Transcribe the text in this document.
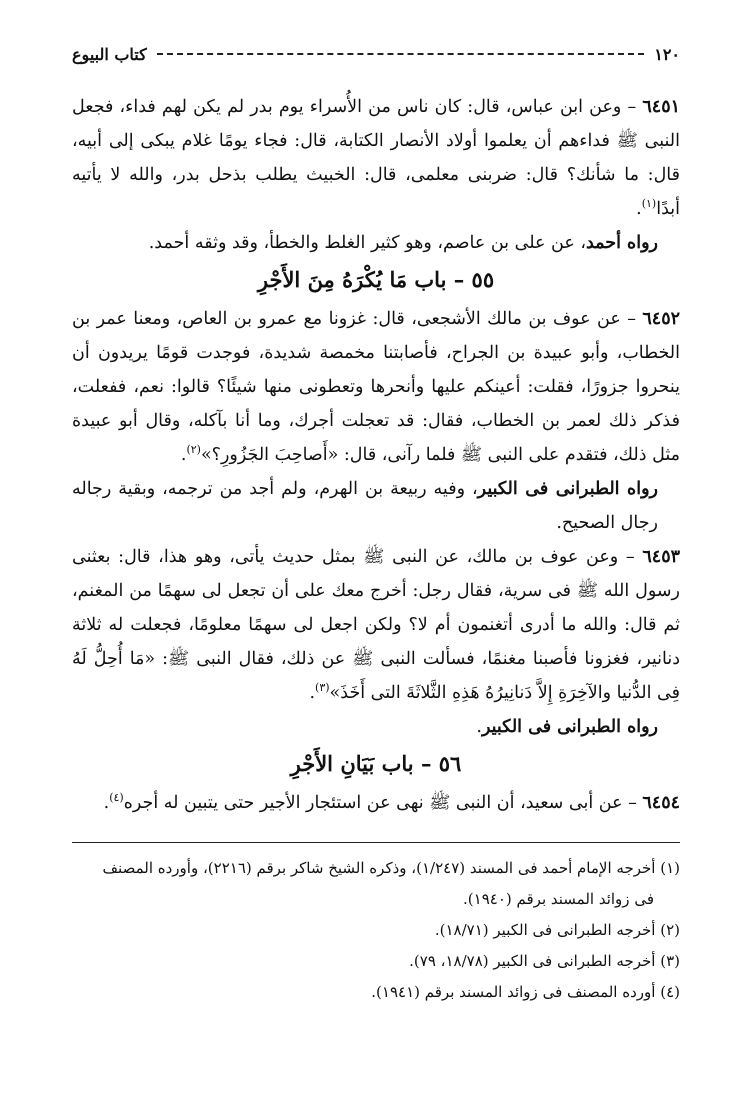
١٢٠
كتاب البيوع

٦٤٥١ – وعن ابن عباس، قال: كان ناس من الأُسراء يوم بدر لم يكن لهم فداء، فجعل النبى ﷺ فداءهم أن يعلموا أولاد الأنصار الكتابة، قال: فجاء يومًا غلام يبكى إلى أبيه، قال: ما شأنك؟ قال: ضربنى معلمى، قال: الخبيث يطلب بذحل بدر، والله لا يأتيه أبدًا$^{(١)}$.

رواه أحمد، عن على بن عاصم، وهو كثير الغلط والخطأ، وقد وثقه أحمد.

٥٥ – باب مَا يُكْرَهُ مِنَ الأَجْرِ

٦٤٥٢ – عن عوف بن مالك الأشجعى، قال: غزونا مع عمرو بن العاص، ومعنا عمر بن الخطاب، وأبو عبيدة بن الجراح، فأصابتنا مخمصة شديدة، فوجدت قومًا يريدون أن ينحروا جزورًا، فقلت: أعينكم عليها وأنحرها وتعطونى منها شيئًا؟ قالوا: نعم، ففعلت، فذكر ذلك لعمر بن الخطاب، فقال: قد تعجلت أجرك، وما أنا بآكله، وقال أبو عبيدة مثل ذلك، فتقدم على النبى ﷺ فلما رآنى، قال: «أَصاحِبَ الجَزُورِ؟»$^{(٢)}$.

رواه الطبرانى فى الكبير، وفيه ربيعة بن الهرم، ولم أجد من ترجمه، وبقية رجاله رجال الصحيح.

٦٤٥٣ – وعن عوف بن مالك، عن النبى ﷺ بمثل حديث يأتى، وهو هذا، قال: بعثنى رسول الله ﷺ فى سرية، فقال رجل: أخرج معك على أن تجعل لى سهمًا من المغنم، ثم قال: والله ما أدرى أتغنمون أم لا؟ ولكن اجعل لى سهمًا معلومًا، فجعلت له ثلاثة دنانير، فغزونا فأصبنا مغنمًا، فسألت النبى ﷺ عن ذلك، فقال النبى ﷺ: «مَا أُحِلُّ لَهُ فِى الدُّنيا والآخِرَةِ إِلاَّ دَنانِيرُهُ هَذِهِ الثَّلاثَةَ التى أَخَذَ»$^{(٣)}$.

رواه الطبرانى فى الكبير.

٥٦ – باب بَيَانِ الأَجْرِ

٦٤٥٤ – عن أبى سعيد، أن النبى ﷺ نهى عن استئجار الأجير حتى يتبين له أجره$^{(٤)}$.

(١) أخرجه الإمام أحمد فى المسند (١/٢٤٧)، وذكره الشيخ شاكر برقم (٢٢١٦)، وأورده المصنف
فى زوائد المسند برقم (١٩٤٠).

(٢) أخرجه الطبرانى فى الكبير (١٨/٧١).

(٣) أخرجه الطبرانى فى الكبير (١٨/٧٨، ٧٩).

(٤) أورده المصنف فى زوائد المسند برقم (١٩٤١).
